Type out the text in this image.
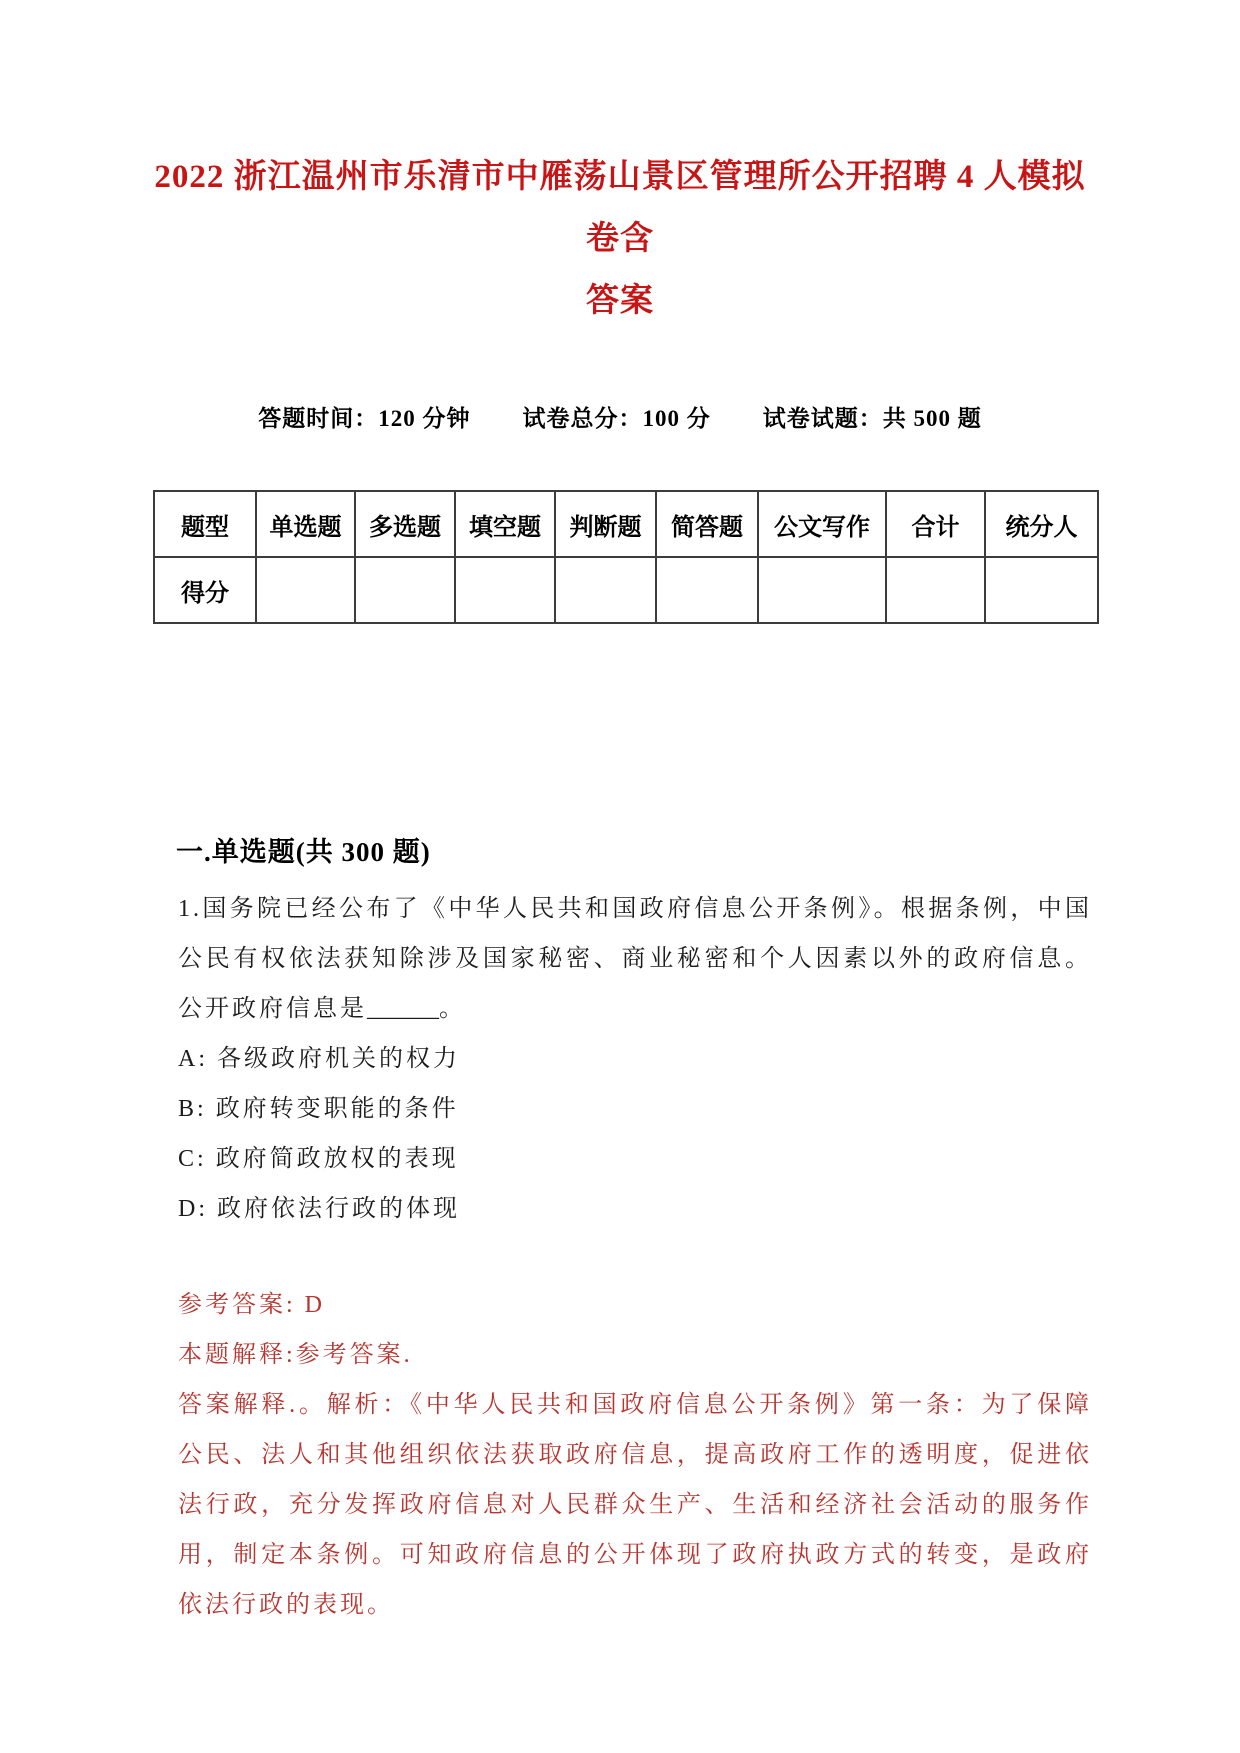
2022 浙江温州市乐清市中雁荡山景区管理所公开招聘 4 人模拟卷含
答案
答题时间：120 分钟 试卷总分：100 分 试卷试题：共 500 题
题型	单选题	多选题	填空题	判断题	简答题	公文写作	合计	统分人
得分								
一.单选题(共 300 题)

1.国务院已经公布了《中华人民共和国政府信息公开条例》。根据条例，中国公民有权依法获知除涉及国家秘密、商业秘密和个人因素以外的政府信息。公开政府信息是______。

A: 各级政府机关的权力

B: 政府转变职能的条件

C: 政府简政放权的表现

D: 政府依法行政的体现

参考答案: D

本题解释:参考答案.

答案解释.。解析：《中华人民共和国政府信息公开条例》第一条：为了保障公民、法人和其他组织依法获取政府信息，提高政府工作的透明度，促进依法行政，充分发挥政府信息对人民群众生产、生活和经济社会活动的服务作用，制定本条例。可知政府信息的公开体现了政府执政方式的转变，是政府依法行政的表现。
